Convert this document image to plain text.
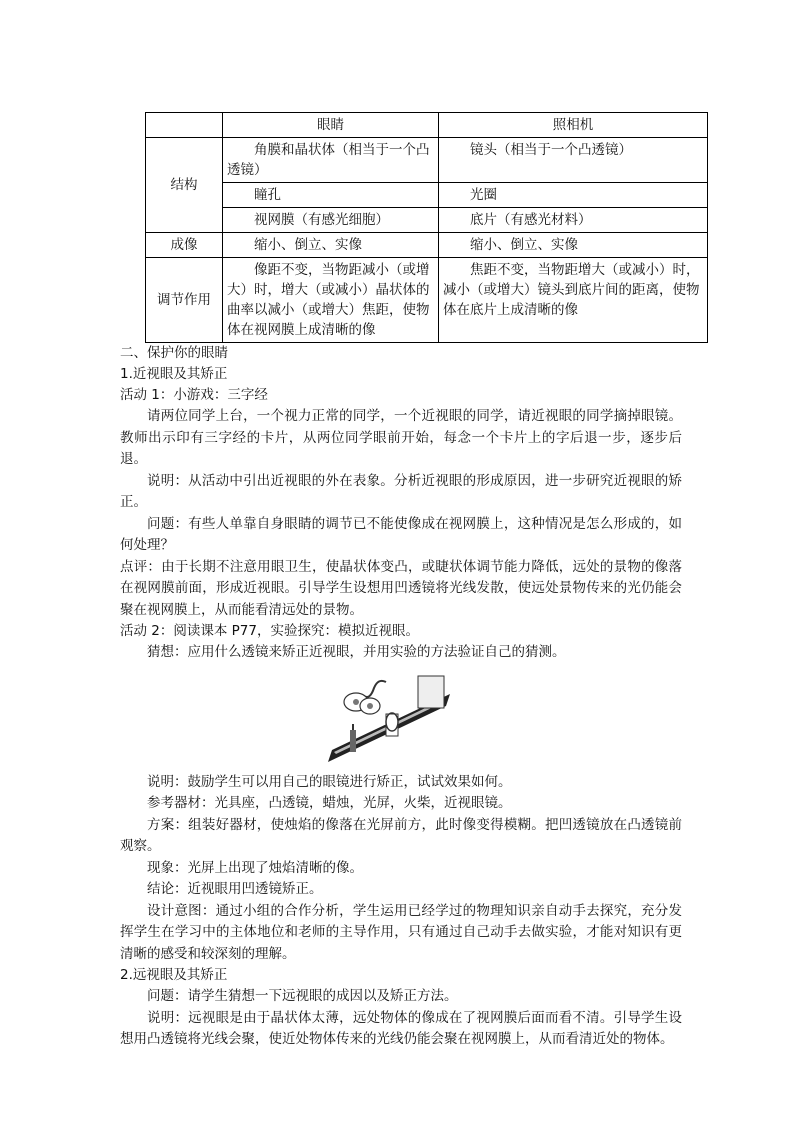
	眼睛	照相机
结构	角膜和晶状体（相当于一个凸透镜）	镜头（相当于一个凸透镜）
	瞳孔	光圈
	视网膜（有感光细胞）	底片（有感光材料）
成像	缩小、倒立、实像	缩小、倒立、实像
调节作用	像距不变，当物距减小（或增大）时，增大（或减小）晶状体的曲率以减小（或增大）焦距，使物体在视网膜上成清晰的像	焦距不变，当物距增大（或减小）时，减小（或增大）镜头到底片间的距离，使物体在底片上成清晰的像

二、保护你的眼睛

1.近视眼及其矫正

活动 1：小游戏：三字经

请两位同学上台，一个视力正常的同学，一个近视眼的同学，请近视眼的同学摘掉眼镜。教师出示印有三字经的卡片，从两位同学眼前开始，每念一个卡片上的字后退一步，逐步后退。

说明：从活动中引出近视眼的外在表象。分析近视眼的形成原因，进一步研究近视眼的矫正。

问题：有些人单靠自身眼睛的调节已不能使像成在视网膜上，这种情况是怎么形成的，如何处理？

点评：由于长期不注意用眼卫生，使晶状体变凸，或睫状体调节能力降低，远处的景物的像落在视网膜前面，形成近视眼。引导学生设想用凹透镜将光线发散，使远处景物传来的光仍能会聚在视网膜上，从而能看清远处的景物。

活动 2：阅读课本 P77，实验探究：模拟近视眼。

猜想：应用什么透镜来矫正近视眼，并用实验的方法验证自己的猜测。

说明：鼓励学生可以用自己的眼镜进行矫正，试试效果如何。

参考器材：光具座，凸透镜，蜡烛，光屏，火柴，近视眼镜。

方案：组装好器材，使烛焰的像落在光屏前方，此时像变得模糊。把凹透镜放在凸透镜前观察。

现象：光屏上出现了烛焰清晰的像。

结论：近视眼用凹透镜矫正。

设计意图：通过小组的合作分析，学生运用已经学过的物理知识亲自动手去探究，充分发挥学生在学习中的主体地位和老师的主导作用，只有通过自己动手去做实验，才能对知识有更清晰的感受和较深刻的理解。

2.远视眼及其矫正

问题：请学生猜想一下远视眼的成因以及矫正方法。

说明：远视眼是由于晶状体太薄，远处物体的像成在了视网膜后面而看不清。引导学生设想用凸透镜将光线会聚，使近处物体传来的光线仍能会聚在视网膜上，从而看清近处的物体。
